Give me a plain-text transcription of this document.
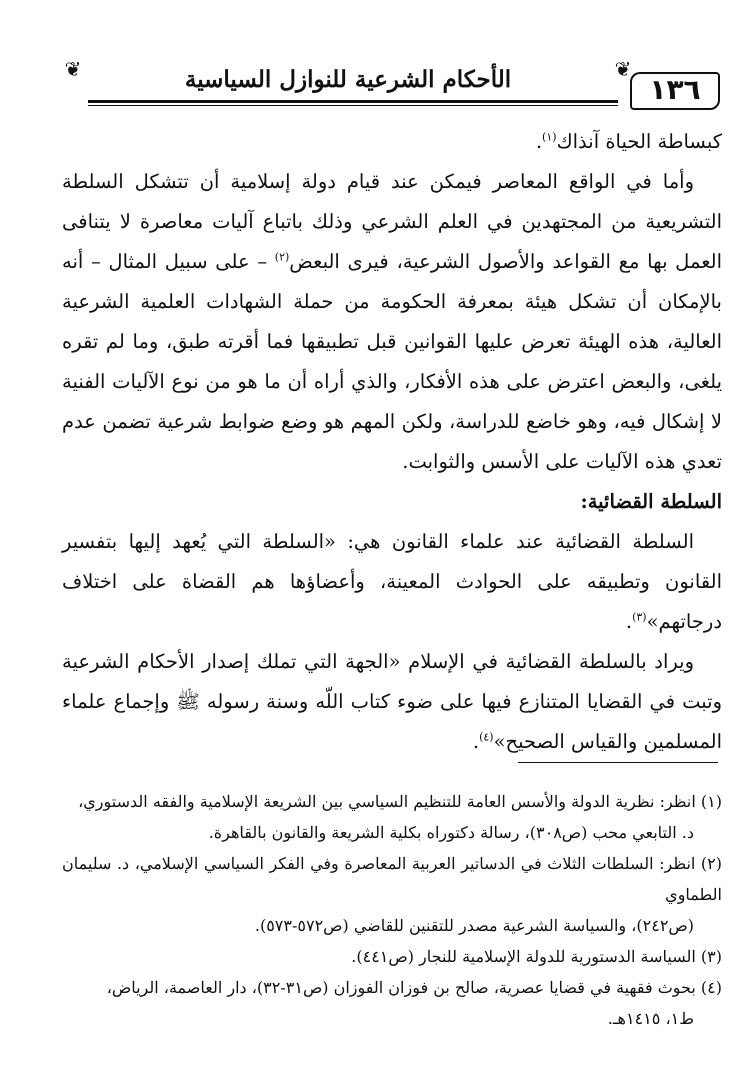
❦	الأحكام الشرعية للنوازل السياسية	❦
١٣٦

كبساطة الحياة آنذاك$^{(١)}$.

وأما في الواقع المعاصر فيمكن عند قيام دولة إسلامية أن تتشكل السلطة التشريعية من المجتهدين في العلم الشرعي وذلك باتباع آليات معاصرة لا يتنافى العمل بها مع القواعد والأصول الشرعية، فيرى البعض$^{(٢)}$ – على سبيل المثال – أنه بالإمكان أن تشكل هيئة بمعرفة الحكومة من حملة الشهادات العلمية الشرعية العالية، هذه الهيئة تعرض عليها القوانين قبل تطبيقها فما أقرته طبق، وما لم تقره يلغى، والبعض اعترض على هذه الأفكار، والذي أراه أن ما هو من نوع الآليات الفنية لا إشكال فيه، وهو خاضع للدراسة، ولكن المهم هو وضع ضوابط شرعية تضمن عدم تعدي هذه الآليات على الأسس والثوابت.

السلطة القضائية:

السلطة القضائية عند علماء القانون هي: «السلطة التي يُعهد إليها بتفسير القانون وتطبيقه على الحوادث المعينة، وأعضاؤها هم القضاة على اختلاف درجاتهم»$^{(٣)}$.

ويراد بالسلطة القضائية في الإسلام «الجهة التي تملك إصدار الأحكام الشرعية وتبت في القضايا المتنازع فيها على ضوء كتاب اللّه وسنة رسوله ﷺ وإجماع علماء المسلمين والقياس الصحيح»$^{(٤)}$.

(١) انظر: نظرية الدولة والأسس العامة للتنظيم السياسي بين الشريعة الإسلامية والفقه الدستوري،

د. التابعي محب (ص٣٠٨)، رسالة دكتوراه بكلية الشريعة والقانون بالقاهرة.

(٢) انظر: السلطات الثلاث في الدساتير العربية المعاصرة وفي الفكر السياسي الإسلامي، د. سليمان الطماوي

(ص٢٤٢)، والسياسة الشرعية مصدر للتقنين للقاضي (ص٥٧٢-٥٧٣).

(٣) السياسة الدستورية للدولة الإسلامية للنجار (ص٤٤١).

(٤) بحوث فقهية في قضايا عصرية، صالح بن فوزان الفوزان (ص٣١-٣٢)، دار العاصمة، الرياض،

ط١، ١٤١٥هـ.
